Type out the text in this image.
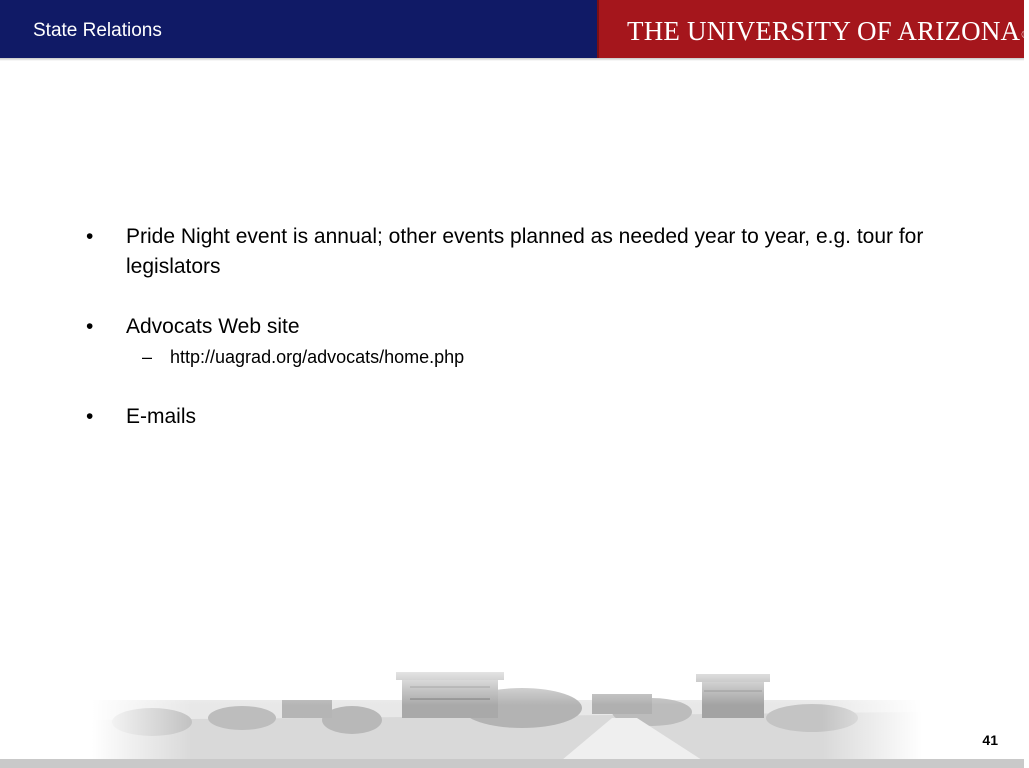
State Relations	THE UNIVERSITY OF ARIZONA®
•	Pride Night event is annual; other events planned as needed year to year, e.g. tour for legislators
•	Advocats Web site
– http://uagrad.org/advocats/home.php
•	E-mails
41
